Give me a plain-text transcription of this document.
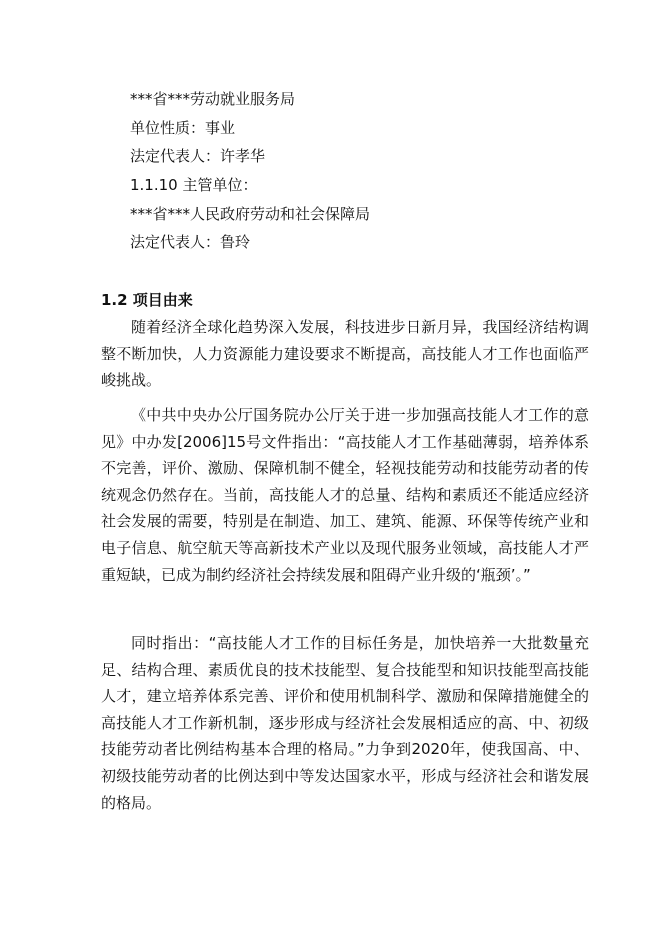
***省***劳动就业服务局
单位性质：事业
法定代表人：许孝华
1.1.10 主管单位：
***省***人民政府劳动和社会保障局
法定代表人：鲁玲
1.2 项目由来

随着经济全球化趋势深入发展，科技进步日新月异，我国经济结构调整不断加快，人力资源能力建设要求不断提高，高技能人才工作也面临严峻挑战。

《中共中央办公厅国务院办公厅关于进一步加强高技能人才工作的意见》中办发[2006]15号文件指出：“高技能人才工作基础薄弱，培养体系不完善，评价、激励、保障机制不健全，轻视技能劳动和技能劳动者的传统观念仍然存在。当前，高技能人才的总量、结构和素质还不能适应经济社会发展的需要，特别是在制造、加工、建筑、能源、环保等传统产业和电子信息、航空航天等高新技术产业以及现代服务业领域，高技能人才严重短缺，已成为制约经济社会持续发展和阻碍产业升级的‘瓶颈’。”

同时指出：“高技能人才工作的目标任务是，加快培养一大批数量充足、结构合理、素质优良的技术技能型、复合技能型和知识技能型高技能人才，建立培养体系完善、评价和使用机制科学、激励和保障措施健全的高技能人才工作新机制，逐步形成与经济社会发展相适应的高、中、初级技能劳动者比例结构基本合理的格局。”力争到2020年，使我国高、中、初级技能劳动者的比例达到中等发达国家水平，形成与经济社会和谐发展的格局。
